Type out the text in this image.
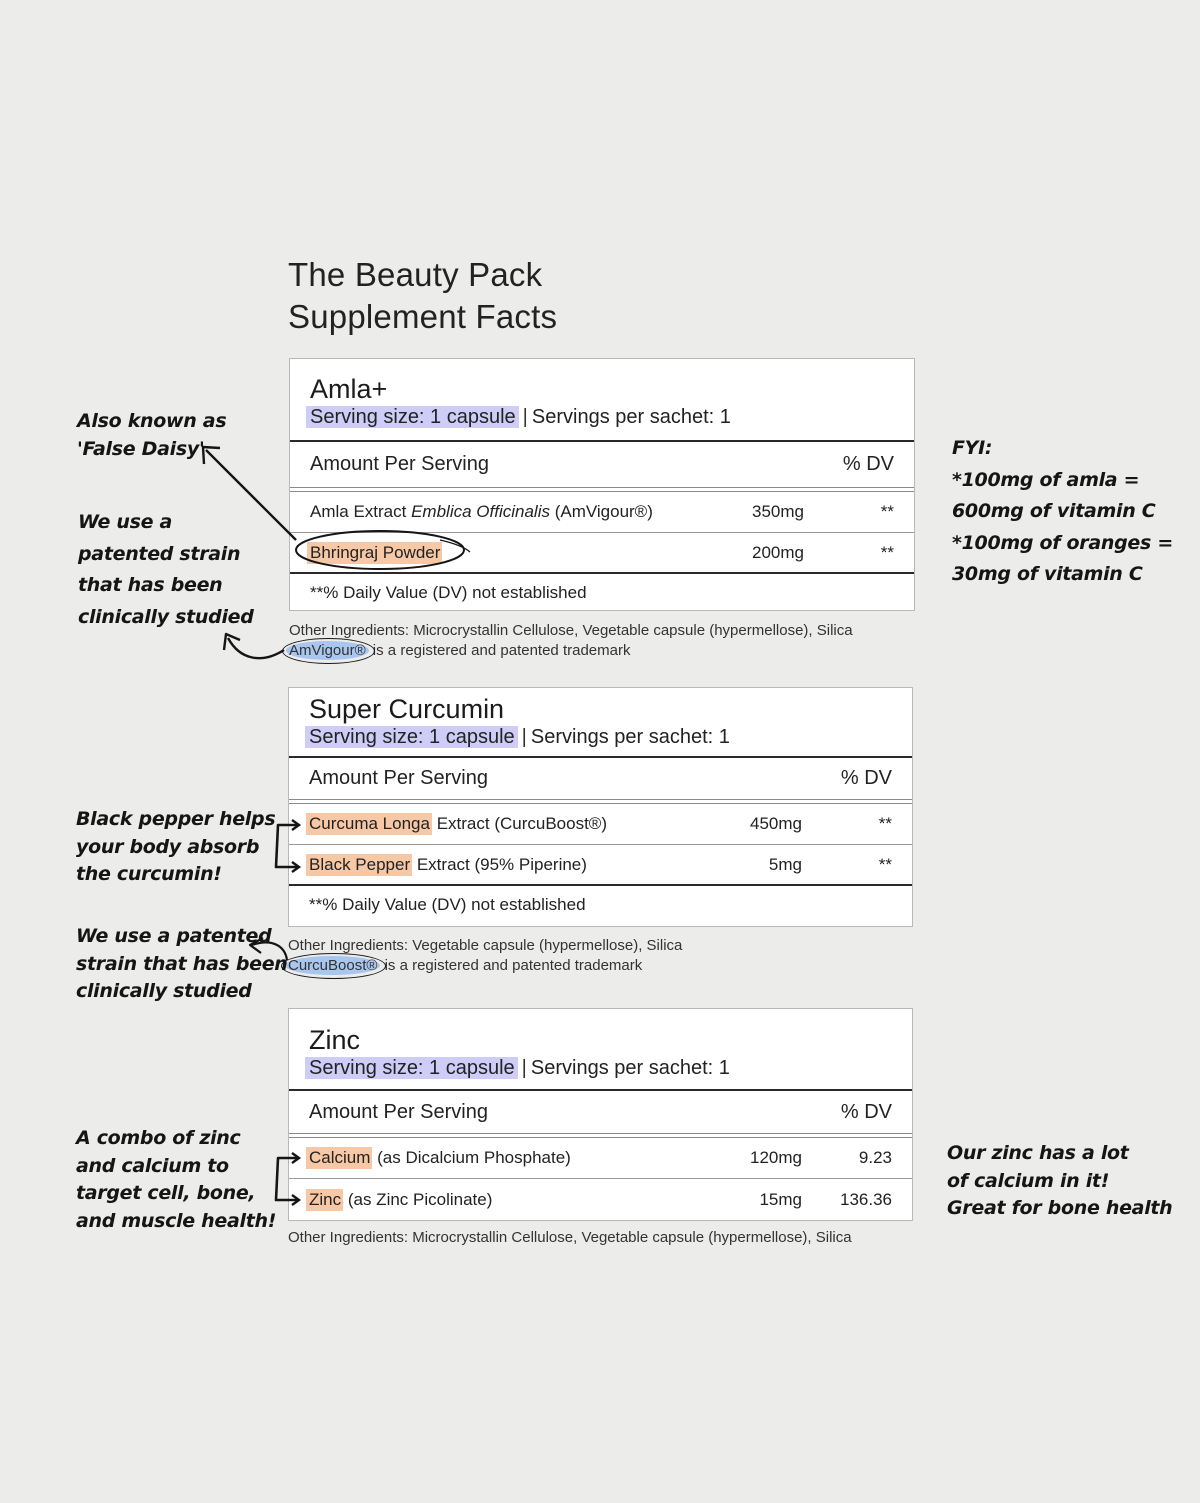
The Beauty Pack
Supplement Facts
Amla+
Serving size: 1 capsule | Servings per sachet: 1
Amount Per Serving	% DV
Amla Extract Emblica Officinalis (AmVigour®)	350mg	**
Bhringraj Powder	200mg	**
**% Daily Value (DV) not established
Other Ingredients: Microcrystallin Cellulose, Vegetable capsule (hypermellose), Silica
AmVigour® is a registered and patented trademark
Super Curcumin
Serving size: 1 capsule | Servings per sachet: 1
Amount Per Serving	% DV
Curcuma Longa Extract (CurcuBoost®)	450mg	**
Black Pepper Extract (95% Piperine)	5mg	**
**% Daily Value (DV) not established
Other Ingredients: Vegetable capsule (hypermellose), Silica
CurcuBoost® is a registered and patented trademark
Zinc
Serving size: 1 capsule | Servings per sachet: 1
Amount Per Serving	% DV
Calcium (as Dicalcium Phosphate)	120mg	9.23
Zinc (as Zinc Picolinate)	15mg 136.36
Other Ingredients: Microcrystallin Cellulose, Vegetable capsule (hypermellose), Silica
Also known as
'False Daisy'
We use a
patented strain
that has been
clinically studied
FYI:
*100mg of amla =
600mg of vitamin C
*100mg of oranges =
30mg of vitamin C
Black pepper helps
your body absorb
the curcumin!
We use a patented
strain that has been
clinically studied
A combo of zinc
and calcium to
target cell, bone,
and muscle health!
Our zinc has a lot
of calcium in it!
Great for bone health
